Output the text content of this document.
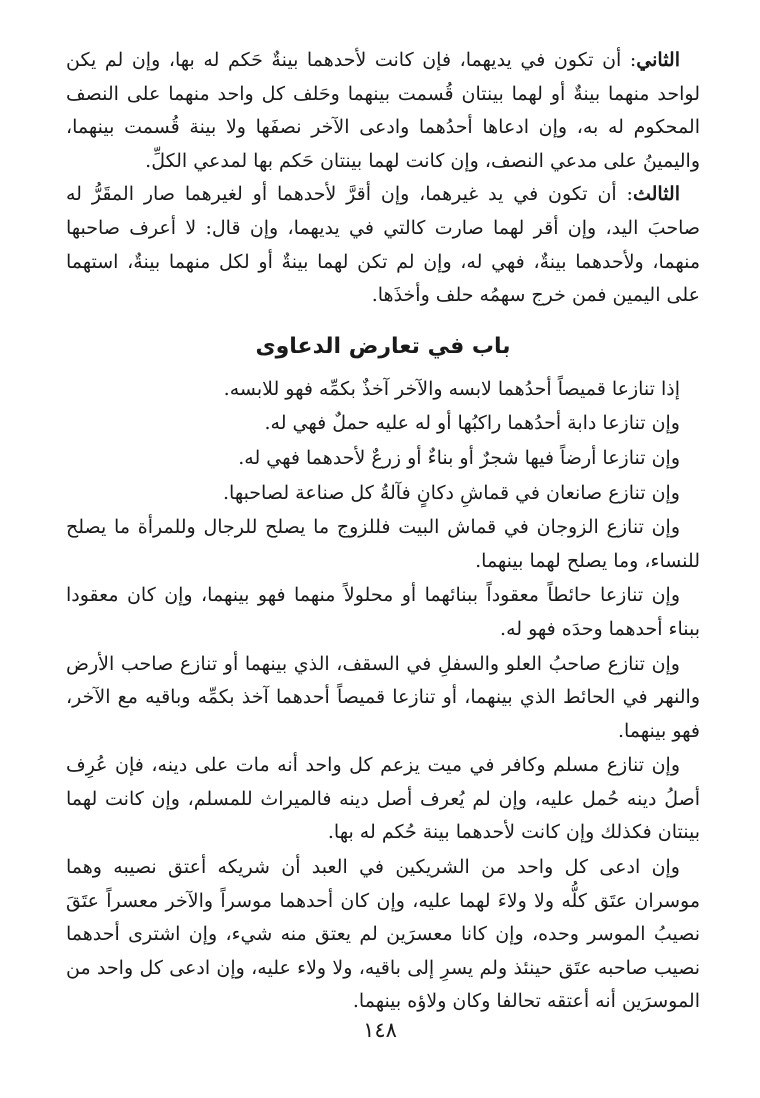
الثاني: أن تكون في يديهما، فإن كانت لأحدهما بينةٌ حَكم له بها، وإن لم يكن لواحد منهما بينةٌ أو لهما بينتان قُسمت بينهما وحَلف كل واحد منهما على النصف المحكوم له به، وإن ادعاها أحدُهما وادعى الآخر نصفَها ولا بينة قُسمت بينهما، واليمينُ على مدعي النصف، وإن كانت لهما بينتان حَكم بها لمدعي الكلِّ.

الثالث: أن تكون في يد غيرهما، وإن أقرَّ لأحدهما أو لغيرهما صار المقَرُّ له صاحبَ اليد، وإن أقر لهما صارت كالتي في يديهما، وإن قال: لا أعرف صاحبها منهما، ولأحدهما بينةٌ، فهي له، وإن لم تكن لهما بينةٌ أو لكل منهما بينةٌ، استهما على اليمين فمن خرج سهمُه حلف وأخذَها.

باب في تعارض الدعاوى

إذا تنازعا قميصاً أحدُهما لابسه والآخر آخذٌ بكمِّه فهو للابسه.

وإن تنازعا دابة أحدُهما راكبُها أو له عليه حملٌ فهي له.

وإن تنازعا أرضاً فيها شجرٌ أو بناءٌ أو زرعٌ لأحدهما فهي له.

وإن تنازع صانعان في قماشِ دكانٍ فآلةُ كل صناعة لصاحبها.

وإن تنازع الزوجان في قماش البيت فللزوج ما يصلح للرجال وللمرأة ما يصلح للنساء، وما يصلح لهما بينهما.

وإن تنازعا حائطاً معقوداً ببنائهما أو محلولاً منهما فهو بينهما، وإن كان معقودا ببناء أحدهما وحدَه فهو له.

وإن تنازع صاحبُ العلو والسفلِ في السقف، الذي بينهما أو تنازع صاحب الأرض والنهر في الحائط الذي بينهما، أو تنازعا قميصاً أحدهما آخذ بكمِّه وباقيه مع الآخر، فهو بينهما.

وإن تنازع مسلم وكافر في ميت يزعم كل واحد أنه مات على دينه، فإن عُرِف أصلُ دينه حُمل عليه، وإن لم يُعرف أصل دينه فالميراث للمسلم، وإن كانت لهما بينتان فكذلك وإن كانت لأحدهما بينة حُكم له بها.

وإن ادعى كل واحد من الشريكين في العبد أن شريكه أعتق نصيبه وهما موسران عتَق كلُّه ولا ولاءَ لهما عليه، وإن كان أحدهما موسراً والآخر معسراً عتَقَ نصيبُ الموسر وحده، وإن كانا معسرَين لم يعتق منه شيء، وإن اشترى أحدهما نصيب صاحبه عتَق حينئذ ولم يسرِ إلى باقيه، ولا ولاء عليه، وإن ادعى كل واحد من الموسرَين أنه أعتقه تحالفا وكان ولاؤه بينهما.

١٤٨
